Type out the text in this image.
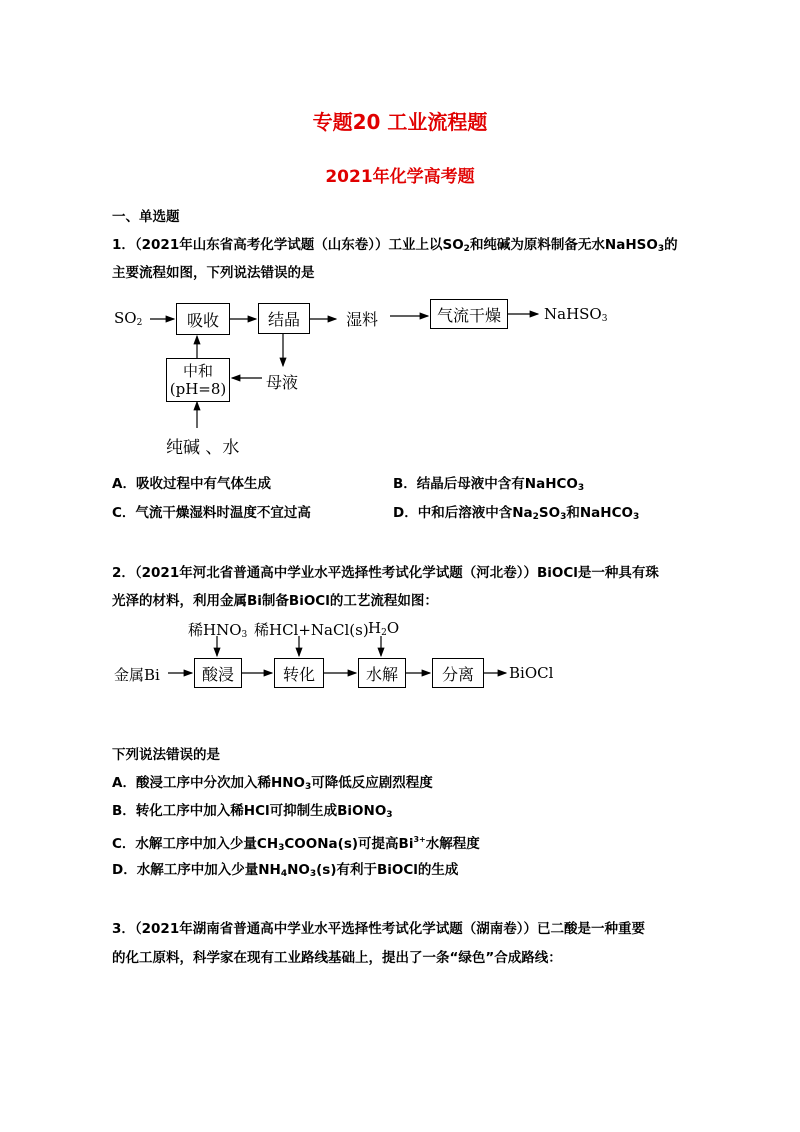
专题20 工业流程题
2021年化学高考题
一、单选题
1．（2021年山东省高考化学试题（山东卷））工业上以$SO_2$和纯碱为原料制备无水NaHSO$_3$的
主要流程如图，下列说法错误的是
$SO_2$	吸收	结晶	湿料	气流干燥	NaHSO$_3$
中和
(pH=8) 母液
纯碱 、水
A．吸收过程中有气体生成	B．结晶后母液中含有NaHCO$_3$
C．气流干燥湿料时温度不宜过高	D．中和后溶液中含$Na_2SO_3$和NaHCO$_3$
2．（2021年河北省普通高中学业水平选择性考试化学试题（河北卷））BiOCl是一种具有珠
光泽的材料，利用金属Bi制备BiOCl的工艺流程如图：
稀$HNO_3$ 稀HCl+NaCl(s) $H_2O$
金属Bi	酸浸	转化	水解	分离	BiOCl
下列说法错误的是
A．酸浸工序中分次加入稀$HNO_3$可降低反应剧烈程度
B．转化工序中加入稀HCl可抑制生成BiONO$_3$
C．水解工序中加入少量$CH_3COONa(s)$可提高$Bi^{3+}$水解程度
D．水解工序中加入少量$NH_4NO_3(s)$有利于BiOCl的生成
3．（2021年湖南省普通高中学业水平选择性考试化学试题（湖南卷））已二酸是一种重要
的化工原料，科学家在现有工业路线基础上，提出了一条“绿色”合成路线：
